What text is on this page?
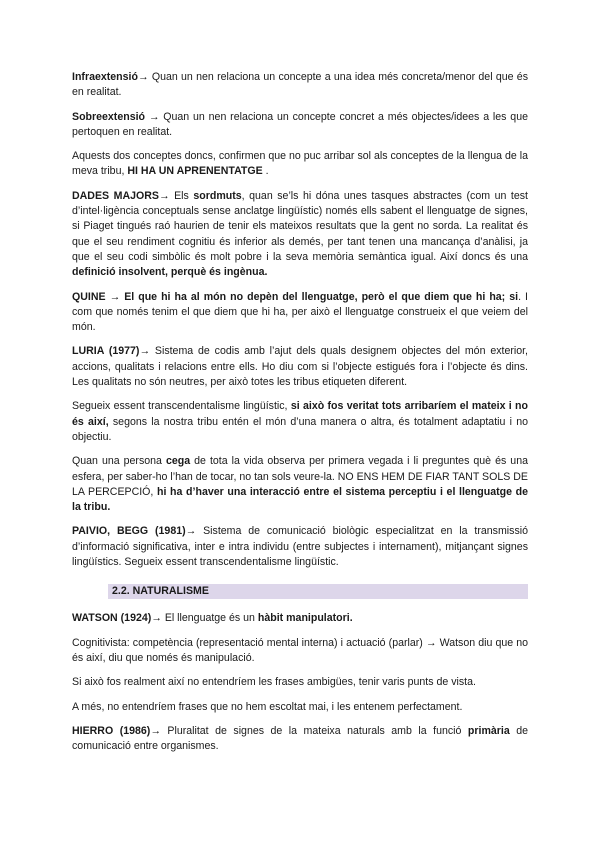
Infraextensió→ Quan un nen relaciona un concepte a una idea més concreta/menor del que és en realitat.
Sobreextensió → Quan un nen relaciona un concepte concret a més objectes/idees a les que pertoquen en realitat.
Aquests dos conceptes doncs, confirmen que no puc arribar sol als conceptes de la llengua de la meva tribu, HI HA UN APRENENTATGE .
DADES MAJORS→ Els sordmuts, quan se’ls hi dóna unes tasques abstractes (com un test d’intel·ligència conceptuals sense anclatge lingüístic) només ells sabent el llenguatge de signes, si Piaget tingués raó haurien de tenir els mateixos resultats que la gent no sorda. La realitat és que el seu rendiment cognitiu és inferior als demés, per tant tenen una mancança d’anàlisi, ja que el seu codi simbòlic és molt pobre i la seva memòria semàntica igual. Així doncs és una definició insolvent, perquè és ingènua.
QUINE → El que hi ha al món no depèn del llenguatge, però el que diem que hi ha; si. I com que només tenim el que diem que hi ha, per això el llenguatge construeix el que veiem del món.
LURIA (1977)→ Sistema de codis amb l’ajut dels quals designem objectes del món exterior, accions, qualitats i relacions entre ells. Ho diu com si l’objecte estigués fora i l’objecte és dins. Les qualitats no són neutres, per això totes les tribus etiqueten diferent.
Segueix essent transcendentalisme lingüístic, si això fos veritat tots arribaríem el mateix i no és així, segons la nostra tribu entén el món d’una manera o altra, és totalment adaptatiu i no objectiu.
Quan una persona cega de tota la vida observa per primera vegada i li preguntes què és una esfera, per saber-ho l’han de tocar, no tan sols veure-la. NO ENS HEM DE FIAR TANT SOLS DE LA PERCEPCIÓ, hi ha d’haver una interacció entre el sistema perceptiu i el llenguatge de la tribu.
PAIVIO, BEGG (1981)→ Sistema de comunicació biològic especialitzat en la transmissió d’informació significativa, inter e intra individu (entre subjectes i internament), mitjançant signes lingüístics. Segueix essent transcendentalisme lingüístic.
2.2. NATURALISME
WATSON (1924)→ El llenguatge és un hàbit manipulatori.
Cognitivista: competència (representació mental interna) i actuació (parlar) → Watson diu que no és així, diu que només és manipulació.
Si això fos realment així no entendríem les frases ambigües, tenir varis punts de vista.
A més, no entendríem frases que no hem escoltat mai, i les entenem perfectament.
HIERRO (1986)→ Pluralitat de signes de la mateixa naturals amb la funció primària de comunicació entre organismes.
